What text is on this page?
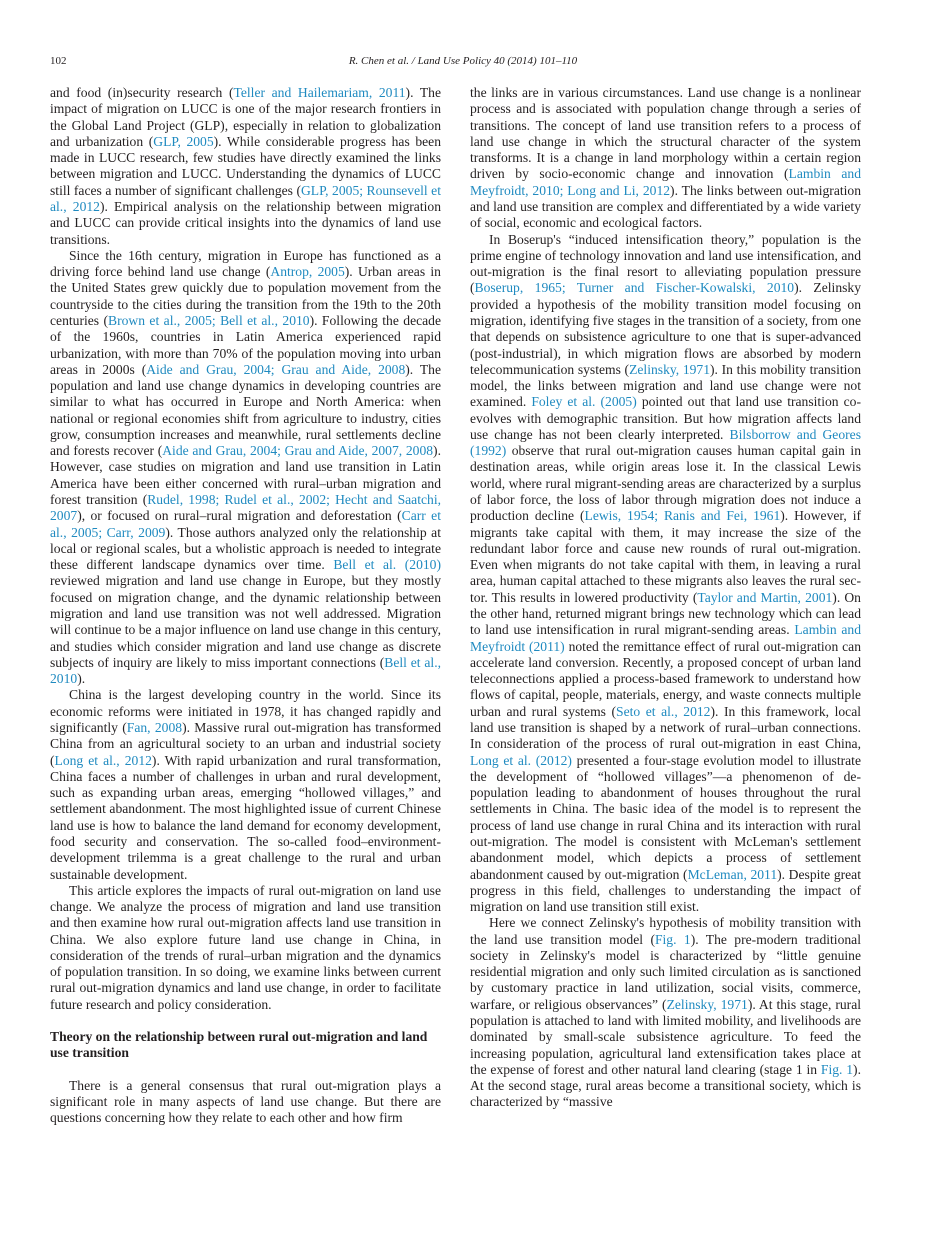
102	R. Chen et al. / Land Use Policy 40 (2014) 101–110

and food (in)security research (Teller and Hailemariam, 2011). The impact of migration on LUCC is one of the major research frontiers in the Global Land Project (GLP), especially in relation to globalization and urbanization (GLP, 2005). While considerable progress has been made in LUCC research, few studies have directly examined the links between migration and LUCC. Understanding the dynamics of LUCC still faces a number of significant challenges (GLP, 2005; Rounsevell et al., 2012). Empirical analysis on the relationship between migration and LUCC can provide critical insights into the dynamics of land use transitions.

Since the 16th century, migration in Europe has functioned as a driving force behind land use change (Antrop, 2005). Urban areas in the United States grew quickly due to population movement from the countryside to the cities during the transition from the 19th to the 20th centuries (Brown et al., 2005; Bell et al., 2010). Following the decade of the 1960s, countries in Latin America experienced rapid urbanization, with more than 70% of the population moving into urban areas in 2000s (Aide and Grau, 2004; Grau and Aide, 2008). The population and land use change dynamics in developing countries are similar to what has occurred in Europe and North America: when national or regional economies shift from agriculture to industry, cities grow, consumption increases and meanwhile, rural settlements decline and forests recover (Aide and Grau, 2004; Grau and Aide, 2007, 2008). However, case studies on migration and land use transition in Latin America have been either concerned with rural–urban migration and forest transition (Rudel, 1998; Rudel et al., 2002; Hecht and Saatchi, 2007), or focused on rural–rural migration and deforestation (Carr et al., 2005; Carr, 2009). Those authors analyzed only the relationship at local or regional scales, but a wholistic approach is needed to integrate these different landscape dynamics over time. Bell et al. (2010) reviewed migration and land use change in Europe, but they mostly focused on migration change, and the dynamic relationship between migration and land use transition was not well addressed. Migration will continue to be a major influence on land use change in this century, and studies which consider migration and land use change as discrete subjects of inquiry are likely to miss important connections (Bell et al., 2010).

China is the largest developing country in the world. Since its economic reforms were initiated in 1978, it has changed rapidly and significantly (Fan, 2008). Massive rural out-migration has transformed China from an agricultural society to an urban and industrial society (Long et al., 2012). With rapid urbanization and rural transformation, China faces a number of challenges in urban and rural development, such as expanding urban areas, emerging “hollowed villages,” and settlement abandonment. The most highlighted issue of current Chinese land use is how to balance the land demand for economy development, food security and conservation. The so-called food–environment-development trilemma is a great challenge to the rural and urban sustainable development.

This article explores the impacts of rural out-migration on land use change. We analyze the process of migration and land use transition and then examine how rural out-migration affects land use transition in China. We also explore future land use change in China, in consideration of the trends of rural–urban migration and the dynamics of population transition. In so doing, we examine links between current rural out-migration dynamics and land use change, in order to facilitate future research and policy consideration.

Theory on the relationship between rural out-migration and land use transition

There is a general consensus that rural out-migration plays a significant role in many aspects of land use change. But there are questions concerning how they relate to each other and how firm

the links are in various circumstances. Land use change is a nonlinear process and is associated with population change through a series of transitions. The concept of land use transition refers to a process of land use change in which the structural character of the system transforms. It is a change in land morphology within a certain region driven by socio-economic change and innovation (Lambin and Meyfroidt, 2010; Long and Li, 2012). The links between out-migration and land use transition are complex and differentiated by a wide variety of social, economic and ecological factors.

In Boserup's “induced intensification theory,” population is the prime engine of technology innovation and land use intensification, and out-migration is the final resort to alleviating population pressure (Boserup, 1965; Turner and Fischer-Kowalski, 2010). Zelinsky provided a hypothesis of the mobility transition model focusing on migration, identifying five stages in the transition of a society, from one that depends on subsistence agriculture to one that is super-advanced (post-industrial), in which migration flows are absorbed by modern telecommunication systems (Zelinsky, 1971). In this mobility transition model, the links between migration and land use change were not examined. Foley et al. (2005) pointed out that land use transition co-evolves with demographic transition. But how migration affects land use change has not been clearly interpreted. Bilsborrow and Geores (1992) observe that rural out-migration causes human capital gain in destination areas, while origin areas lose it. In the classical Lewis world, where rural migrant-sending areas are characterized by a surplus of labor force, the loss of labor through migration does not induce a production decline (Lewis, 1954; Ranis and Fei, 1961). However, if migrants take capital with them, it may increase the size of the redundant labor force and cause new rounds of rural out-migration. Even when migrants do not take capital with them, in leaving a rural area, human capital attached to these migrants also leaves the rural sector. This results in lowered productivity (Taylor and Martin, 2001). On the other hand, returned migrant brings new technology which can lead to land use intensification in rural migrant-sending areas. Lambin and Meyfroidt (2011) noted the remittance effect of rural out-migration can accelerate land conversion. Recently, a proposed concept of urban land teleconnections applied a process-based framework to understand how flows of capital, people, materials, energy, and waste connects multiple urban and rural systems (Seto et al., 2012). In this framework, local land use transition is shaped by a network of rural–urban connections. In consideration of the process of rural out-migration in east China, Long et al. (2012) presented a four-stage evolution model to illustrate the development of “hollowed villages”—a phenomenon of de-population leading to abandonment of houses throughout the rural settlements in China. The basic idea of the model is to represent the process of land use change in rural China and its interaction with rural out-migration. The model is consistent with McLeman's settlement abandonment model, which depicts a process of settlement abandonment caused by out-migration (McLeman, 2011). Despite great progress in this field, challenges to understanding the impact of migration on land use transition still exist.

Here we connect Zelinsky's hypothesis of mobility transition with the land use transition model (Fig. 1). The pre-modern traditional society in Zelinsky's model is characterized by “little genuine residential migration and only such limited circulation as is sanctioned by customary practice in land utilization, social visits, commerce, warfare, or religious observances” (Zelinsky, 1971). At this stage, rural population is attached to land with limited mobility, and livelihoods are dominated by small-scale subsistence agriculture. To feed the increasing population, agricultural land extensification takes place at the expense of forest and other natural land clearing (stage 1 in Fig. 1). At the second stage, rural areas become a transitional society, which is characterized by “massive
